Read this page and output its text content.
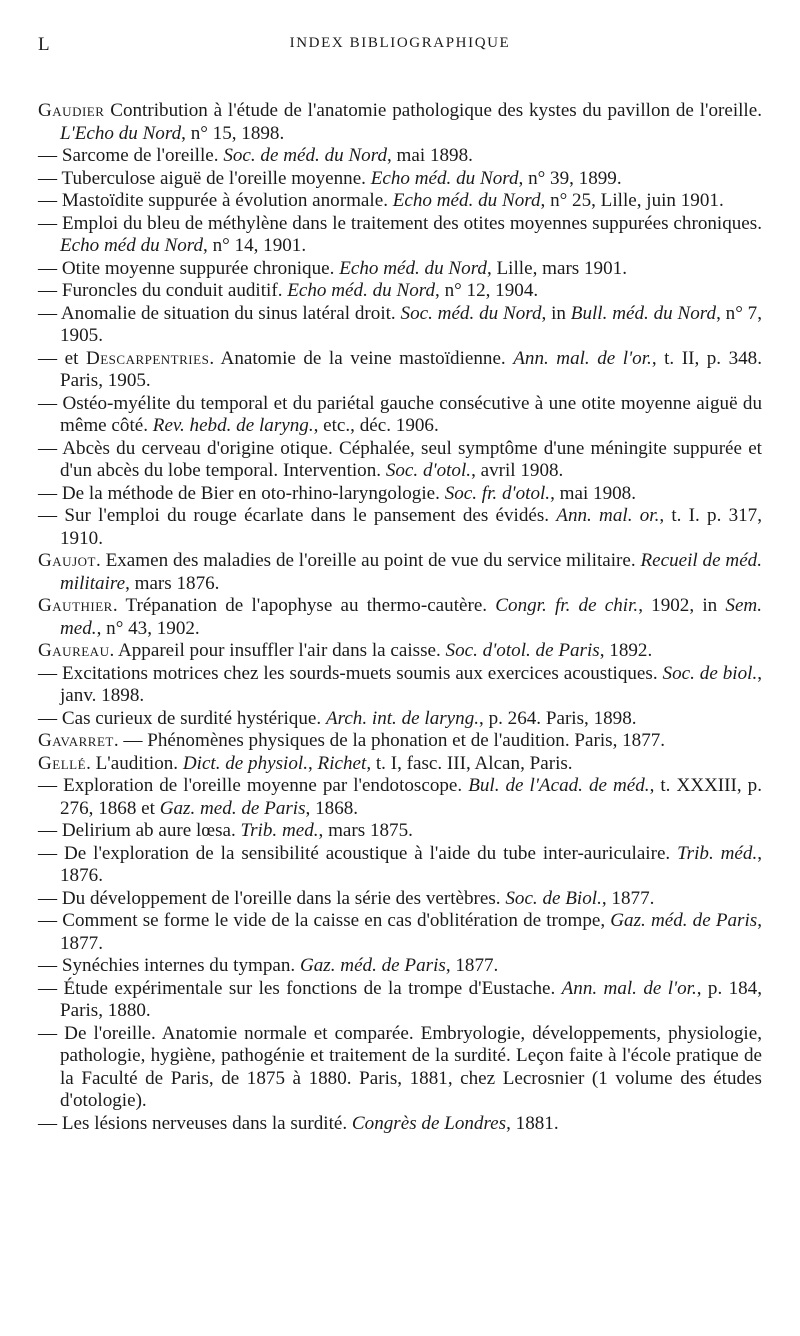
L	INDEX BIBLIOGRAPHIQUE

Gaudier Contribution à l'étude de l'anatomie pathologique des kystes du pavillon de l'oreille. L'Echo du Nord, n° 15, 1898.

— Sarcome de l'oreille. Soc. de méd. du Nord, mai 1898.

— Tuberculose aiguë de l'oreille moyenne. Echo méd. du Nord, n° 39, 1899.

— Mastoïdite suppurée à évolution anormale. Echo méd. du Nord, n° 25, Lille, juin 1901.

— Emploi du bleu de méthylène dans le traitement des otites moyennes suppurées chroniques. Echo méd du Nord, n° 14, 1901.

— Otite moyenne suppurée chronique. Echo méd. du Nord, Lille, mars 1901.

— Furoncles du conduit auditif. Echo méd. du Nord, n° 12, 1904.

— Anomalie de situation du sinus latéral droit. Soc. méd. du Nord, in Bull. méd. du Nord, n° 7, 1905.

— et Descarpentries. Anatomie de la veine mastoïdienne. Ann. mal. de l'or., t. II, p. 348. Paris, 1905.

— Ostéo-myélite du temporal et du pariétal gauche consécutive à une otite moyenne aiguë du même côté. Rev. hebd. de laryng., etc., déc. 1906.

— Abcès du cerveau d'origine otique. Céphalée, seul symptôme d'une méningite suppurée et d'un abcès du lobe temporal. Intervention. Soc. d'otol., avril 1908.

— De la méthode de Bier en oto-rhino-laryngologie. Soc. fr. d'otol., mai 1908.

— Sur l'emploi du rouge écarlate dans le pansement des évidés. Ann. mal. or., t. I. p. 317, 1910.

Gaujot. Examen des maladies de l'oreille au point de vue du service militaire. Recueil de méd. militaire, mars 1876.

Gauthier. Trépanation de l'apophyse au thermo-cautère. Congr. fr. de chir., 1902, in Sem. med., n° 43, 1902.

Gaureau. Appareil pour insuffler l'air dans la caisse. Soc. d'otol. de Paris, 1892.

— Excitations motrices chez les sourds-muets soumis aux exercices acoustiques. Soc. de biol., janv. 1898.

— Cas curieux de surdité hystérique. Arch. int. de laryng., p. 264. Paris, 1898.

Gavarret. — Phénomènes physiques de la phonation et de l'audition. Paris, 1877.

Gellé. L'audition. Dict. de physiol., Richet, t. I, fasc. III, Alcan, Paris.

— Exploration de l'oreille moyenne par l'endotoscope. Bul. de l'Acad. de méd., t. XXXIII, p. 276, 1868 et Gaz. med. de Paris, 1868.

— Delirium ab aure lœsa. Trib. med., mars 1875.

— De l'exploration de la sensibilité acoustique à l'aide du tube inter-auriculaire. Trib. méd., 1876.

— Du développement de l'oreille dans la série des vertèbres. Soc. de Biol., 1877.

— Comment se forme le vide de la caisse en cas d'oblitération de trompe, Gaz. méd. de Paris, 1877.

— Synéchies internes du tympan. Gaz. méd. de Paris, 1877.

— Étude expérimentale sur les fonctions de la trompe d'Eustache. Ann. mal. de l'or., p. 184, Paris, 1880.

— De l'oreille. Anatomie normale et comparée. Embryologie, développements, physiologie, pathologie, hygiène, pathogénie et traitement de la surdité. Leçon faite à l'école pratique de la Faculté de Paris, de 1875 à 1880. Paris, 1881, chez Lecrosnier (1 volume des études d'otologie).

— Les lésions nerveuses dans la surdité. Congrès de Londres, 1881.
